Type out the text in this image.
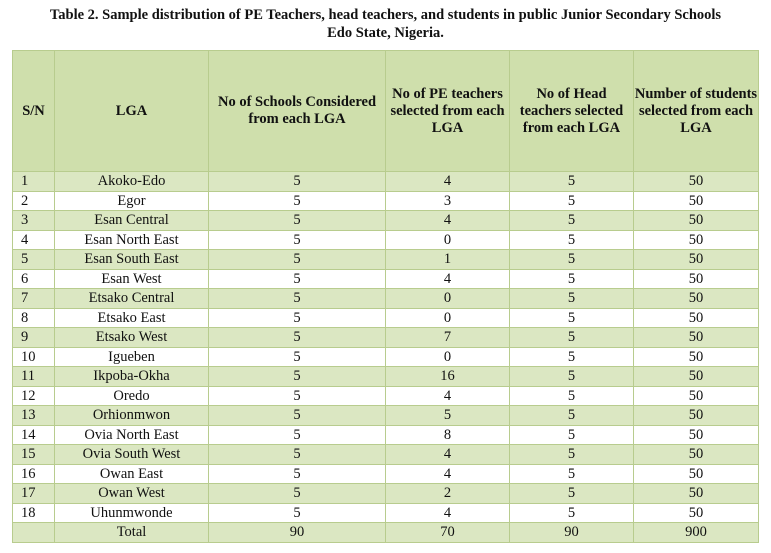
Table 2. Sample distribution of PE Teachers, head teachers, and students in public Junior Secondary Schools
Edo State, Nigeria.
S/N	LGA	No of Schools Considered from each LGA	No of PE teachers selected from each LGA	No of Head teachers selected from each LGA	Number of students selected from each LGA
1	Akoko-Edo	5	4	5	50
2	Egor	5	3	5	50
3	Esan Central	5	4	5	50
4	Esan North East	5	0	5	50
5	Esan South East	5	1	5	50
6	Esan West	5	4	5	50
7	Etsako Central	5	0	5	50
8	Etsako East	5	0	5	50
9	Etsako West	5	7	5	50
10	Igueben	5	0	5	50
11	Ikpoba-Okha	5	16	5	50
12	Oredo	5	4	5	50
13	Orhionmwon	5	5	5	50
14	Ovia North East	5	8	5	50
15	Ovia South West	5	4	5	50
16	Owan East	5	4	5	50
17	Owan West	5	2	5	50
18	Uhunmwonde	5	4	5	50
	Total	90	70	90	900
